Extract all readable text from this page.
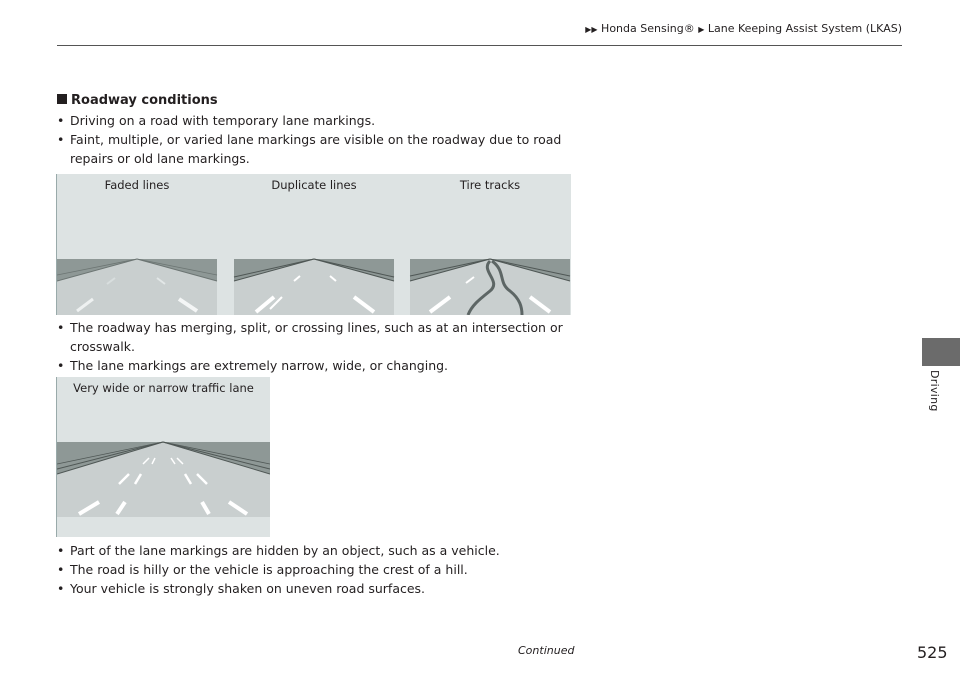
▶▶ Honda Sensing® ▶ Lane Keeping Assist System (LKAS)
Driving
Roadway conditions
• Driving on a road with temporary lane markings.
• Faint, multiple, or varied lane markings are visible on the roadway due to road repairs or old lane markings.
Faded lines	Duplicate lines	Tire tracks
• The roadway has merging, split, or crossing lines, such as at an intersection or crosswalk.
• The lane markings are extremely narrow, wide, or changing.
Very wide or narrow traffic lane
• Part of the lane markings are hidden by an object, such as a vehicle.
• The road is hilly or the vehicle is approaching the crest of a hill.
• Your vehicle is strongly shaken on uneven road surfaces.
Continued	525
